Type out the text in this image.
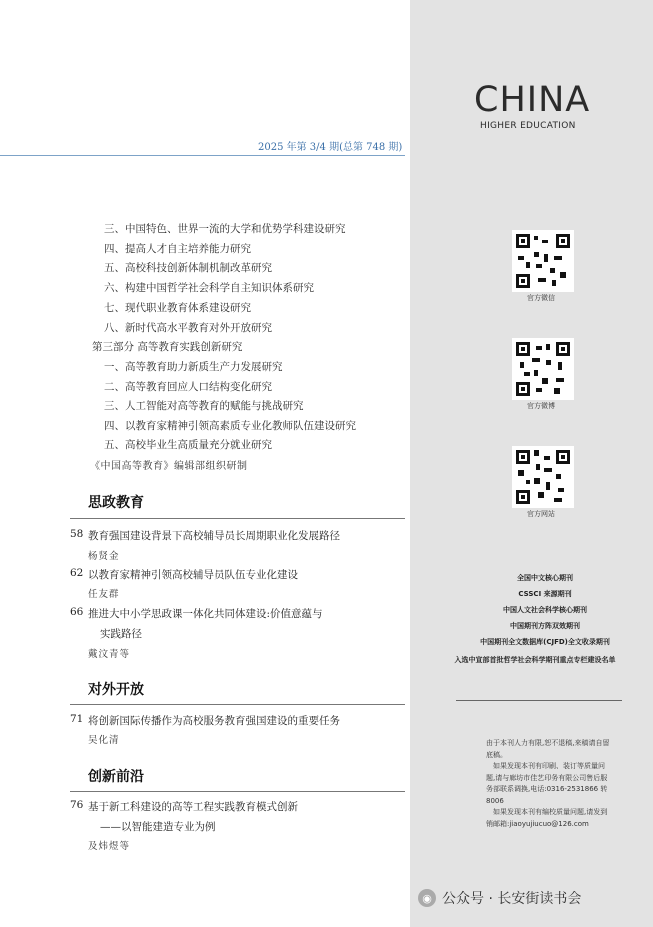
2025 年第 3/4 期(总第 748 期)
三、中国特色、世界一流的大学和优势学科建设研究
四、提高人才自主培养能力研究
五、高校科技创新体制机制改革研究
六、构建中国哲学社会科学自主知识体系研究
七、现代职业教育体系建设研究
八、新时代高水平教育对外开放研究
第三部分 高等教育实践创新研究
一、高等教育助力新质生产力发展研究
二、高等教育回应人口结构变化研究
三、人工智能对高等教育的赋能与挑战研究
四、以教育家精神引领高素质专业化教师队伍建设研究
五、高校毕业生高质量充分就业研究
《中国高等教育》编辑部组织研制
思政教育
58 教育强国建设背景下高校辅导员长周期职业化发展路径
杨贤金
62 以教育家精神引领高校辅导员队伍专业化建设
任友群
66 推进大中小学思政课一体化共同体建设:价值意蕴与
实践路径
戴汶青等
对外开放
71 将创新国际传播作为高校服务教育强国建设的重要任务
吴化清
创新前沿
76 基于新工科建设的高等工程实践教育模式创新
——以智能建造专业为例
及炜煜等
CHINA
HIGHER EDUCATION
官方微信
官方微博
官方网站
全国中文核心期刊
CSSCI 来源期刊
中国人文社会科学核心期刊
中国期刊方阵双效期刊
中国期刊全文数据库(CJFD)全文收录期刊
入选中宣部首批哲学社会科学期刊重点专栏建设名单

由于本刊人力有限,恕不退稿,来稿请自留底稿。

如果发现本刊有印刷、装订等质量问题,请与廊坊市佳艺印务有限公司售后服务部联系调换,电话:0316-2531866 转 8006

如果发现本刊有编校质量问题,请发到销邮箱:jiaoyujiucuo@126.com

◉ 公众号 · 长安街读书会
